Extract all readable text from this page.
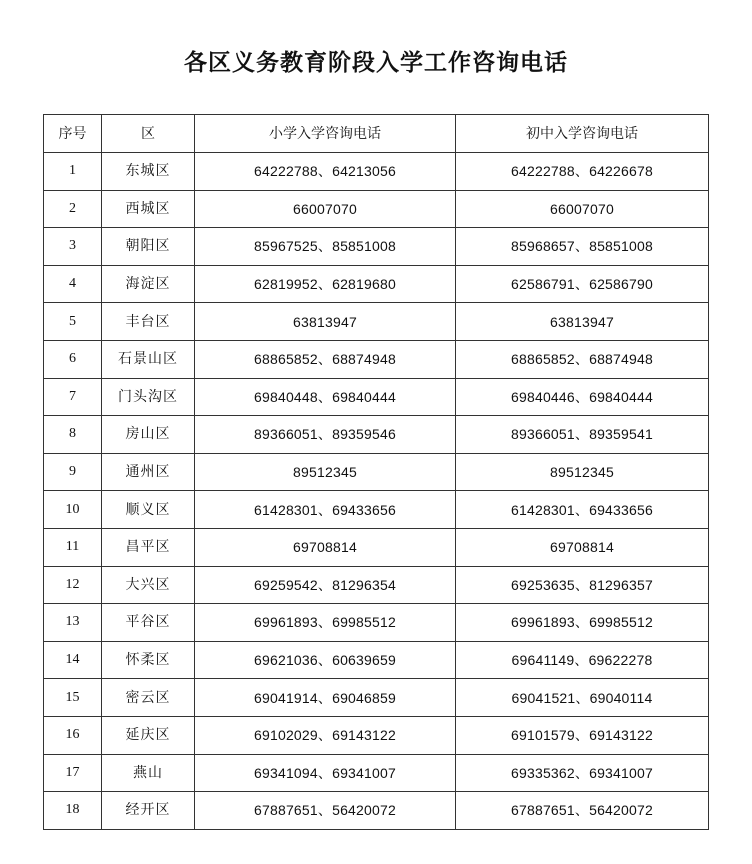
各区义务教育阶段入学工作咨询电话
序号	区	小学入学咨询电话	初中入学咨询电话
1	东城区	64222788、64213056	64222788、64226678
2	西城区	66007070	66007070
3	朝阳区	85967525、85851008	85968657、85851008
4	海淀区	62819952、62819680	62586791、62586790
5	丰台区	63813947	63813947
6	石景山区	68865852、68874948	68865852、68874948
7	门头沟区	69840448、69840444	69840446、69840444
8	房山区	89366051、89359546	89366051、89359541
9	通州区	89512345	89512345
10	顺义区	61428301、69433656	61428301、69433656
11	昌平区	69708814	69708814
12	大兴区	69259542、81296354	69253635、81296357
13	平谷区	69961893、69985512	69961893、69985512
14	怀柔区	69621036、60639659	69641149、69622278
15	密云区	69041914、69046859	69041521、69040114
16	延庆区	69102029、69143122	69101579、69143122
17	燕山	69341094、69341007	69335362、69341007
18	经开区	67887651、56420072	67887651、56420072
